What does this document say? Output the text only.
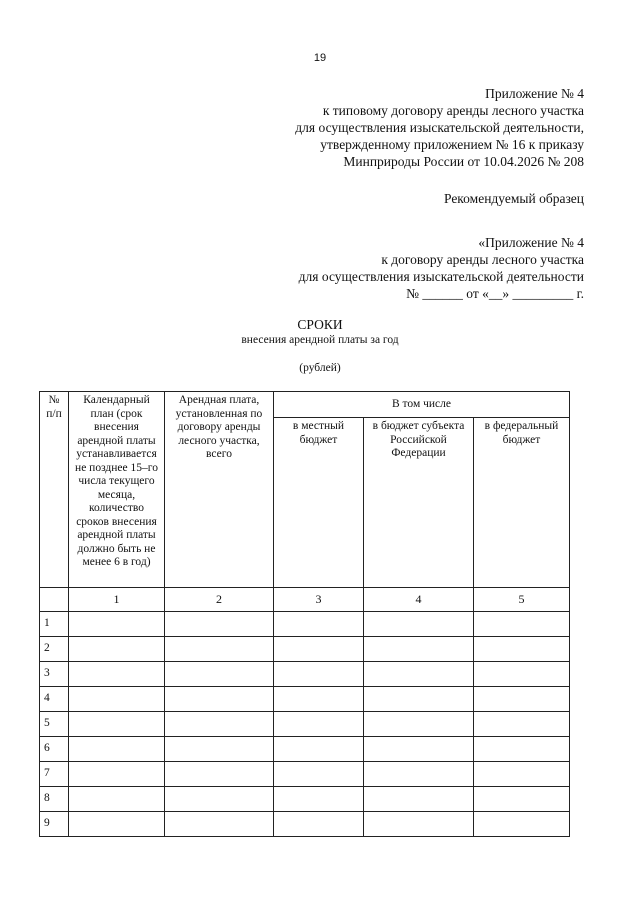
19
Приложение № 4
к типовому договору аренды лесного участка
для осуществления изыскательской деятельности,
утвержденному приложением № 16 к приказу
Минприроды России от 10.04.2026 № 208
Рекомендуемый образец
«Приложение № 4
к договору аренды лесного участка
для осуществления изыскательской деятельности
№ ______ от «__» _________ г.
СРОКИ
внесения арендной платы за год
(рублей)
№ п/п	Календарный план (срок внесения арендной платы устанавливается не позднее 15–го числа текущего месяца, количество сроков внесения арендной платы должно быть не менее 6 в год)	Арендная плата, установленная по договору аренды лесного участка, всего	В том числе		
			в местный бюджет	в бюджет субъекта Российской Федерации	в федеральный бюджет
	1	2	3	4	5
1					
2					
3					
4					
5					
6					
7					
8					
9					
